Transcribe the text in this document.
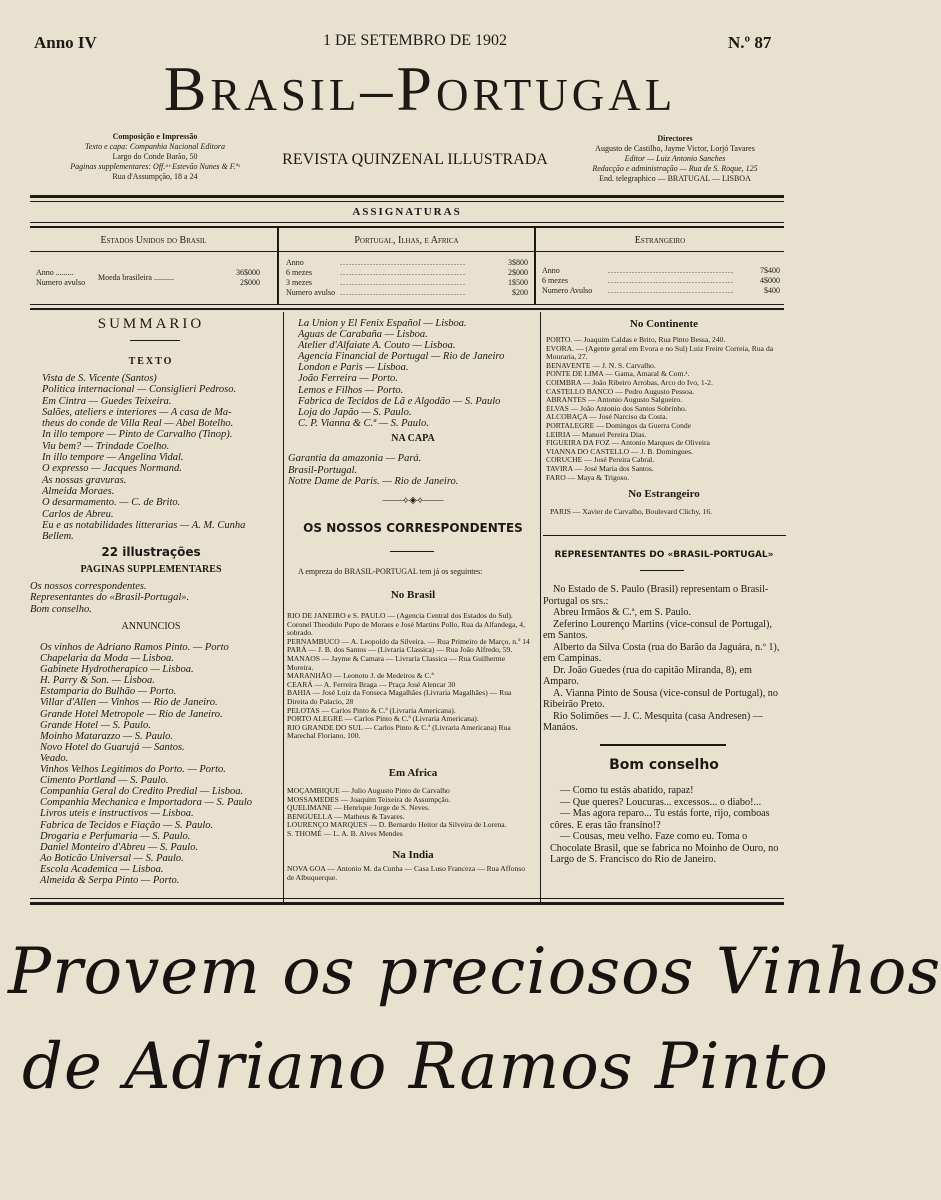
Anno IV	1 DE SETEMBRO DE 1902	N.º 87
Brasil–Portugal
Composição e Impressão
Texto e capa: Companhia Nacional Editora
Largo do Conde Barão, 50
Paginas supplementares: Off.ᵃˢ Estevão Nunes & F.ºˢ
Rua d'Assumpção, 18 a 24
REVISTA QUINZENAL ILLUSTRADA
Directores
Augusto de Castilho, Jayme Victor, Lorjó Tavares
Editor — Luiz Antonio Sanches
Redacção e administração — Rua de S. Roque, 125
End. telegraphico — BRATUGAL — LISBOA
ASSIGNATURAS
Estados Unidos do Brasil
Anno .........
Numero avulso
Moeda brasileira ..........
36$000
2$000
Portugal, Ilhas, e Africa
Anno
6 mezes
3 mezes
Numero avulso
..........................................
..........................................
..........................................
..........................................
3$800
2$000
1$500
$200
Estrangeiro
Anno
6 mezes
Numero Avulso
..........................................
..........................................
..........................................
7$400
4$000
$400
SUMMARIO
TEXTO
Vista de S. Vicente (Santos)
Politica internacional — Consiglieri Pedroso.
Em Cintra — Guedes Teixeira.
Salões, ateliers e interiores — A casa de Ma-
theus do conde de Villa Real — Abel Botelho.
In illo tempore — Pinto de Carvalho (Tinop).
Viu bem? — Trindade Coelho.
In illo tempore — Angelina Vidal.
O expresso — Jacques Normand.
As nossas gravuras.
Almeida Moraes.
O desarmamento. — C. de Brito.
Carlos de Abreu.
Eu e as notabilidades litterarias — A. M. Cunha
Bellem.
22 illustrações
PAGINAS SUPPLEMENTARES
Os nossos correspondentes.
Representantes do «Brasil-Portugal».
Bom conselho.
ANNUNCIOS
Os vinhos de Adriano Ramos Pinto. — Porto
Chapelaria da Moda — Lisboa.
Gabinete Hydrotherapico — Lisboa.
H. Parry & Son. — Lisboa.
Estamparia do Bulhão — Porto.
Villar d'Allen — Vinhos — Rio de Janeiro.
Grande Hotel Metropole — Rio de Janeiro.
Grande Hotel — S. Paulo.
Moinho Matarazzo — S. Paulo.
Novo Hotel do Guarujá — Santos.
Veado.
Vinhos Velhos Legitimos do Porto. — Porto.
Cimento Portland — S. Paulo.
Companhia Geral do Credito Predial — Lisboa.
Companhia Mechanica e Importadora — S. Paulo
Livros uteis e instructivos — Lisboa.
Fabrica de Tecidos e Fiação — S. Paulo.
Drogaria e Perfumaria — S. Paulo.
Daniel Monteiro d'Abreu — S. Paulo.
Ao Boticão Universal — S. Paulo.
Escola Academica — Lisboa.
Almeida & Serpa Pinto — Porto.
La Union y El Fenix Español — Lisboa.
Aguas de Carabaña — Lisboa.
Atelier d'Alfaiate A. Couto — Lisboa.
Agencia Financial de Portugal — Rio de Janeiro
London e Paris — Lisboa.
João Ferreira — Porto.
Lemos e Filhos — Porto.
Fabrica de Tecidos de Lã e Algodão — S. Paulo
Loja do Japão — S. Paulo.
C. P. Vianna & C.ª — S. Paulo.
NA CAPA
Garantia da amazonia — Pará.
Brasil-Portugal.
Notre Dame de Paris. — Rio de Janeiro.
——⟡◈⟡——
OS NOSSOS CORRESPONDENTES
A empreza do BRASIL-PORTUGAL tem já os seguintes:
No Brasil
RIO DE JANEIRO e S. PAULO — (Agencia Central dos Estados do Sul). Coronel Theodulo Pupo de Moraes e José Martins Pollo, Rua da Alfandega, 4, sobrado.
PERNAMBUCO — A. Leopoldo da Silveira. — Rua Primeiro de Março, n.º 14
PARÁ — J. B. dos Santos — (Livraria Classica) — Rua João Alfredo, 59.
MANAOS — Jayme & Camara — Livraria Classica — Rua Guilherme Moreira.
MARANHÃO — Leonoto J. de Medeiros & C.ª
CEARÁ — A. Ferreira Braga — Praça José Alencar 30
BAHIA — José Luiz da Fonseca Magalhães (Livraria Magalhães) — Rua Direita do Palacio, 28
PELOTAS — Carlos Pinto & C.ª (Livraria Americana).
PORTO ALEGRE — Carlos Pinto & C.ª (Livraria Americana).
RIO GRANDE DO SUL — Carlos Pinto & C.ª (Livraria Americana) Rua Marechal Floriano, 100.
Em Africa
MOÇAMBIQUE — Julio Augusto Pinto de Carvalho
MOSSAMEDES — Joaquim Teixeira de Assumpção.
QUELIMANE — Henrique Jorge de S. Neves.
BENGUELLA — Matheus & Tavares.
LOURENÇO MARQUES — D. Bernardo Heitor da Silveira de Lorena.
S. THOMÉ — L. A. B. Alves Mendes
Na India
NOVA GOA — Antonio M. da Cunha — Casa Luso Franceza — Rua Affonso de Albuquerque.
No Continente
PORTO. — Joaquim Caldas e Brito, Rua Pinto Bessa, 240.
EVORA. — (Agente geral em Evora e no Sul) Luiz Freire Correia, Rua da Mouraria, 27.
BENAVENTE — J. N. S. Carvalho.
PONTE DE LIMA — Gama, Amaral & Com.ᵃ.
COIMBRA — João Ribeiro Arrobas, Arco do Ivo, 1-2.
CASTELLO BANCO — Pedro Augusto Pessoa.
ABRANTES — Antonio Augusto Salgueiro.
ELVAS — João Antonio dos Santos Sobrinho.
ALCOBAÇA — José Narciso da Costa.
PORTALEGRE — Domingos da Guerra Conde
LEIRIA — Manuel Pereira Dias.
FIGUEIRA DA FOZ — Antonio Marques de Oliveira
VIANNA DO CASTELLO — J. B. Domingues.
CORUCHE — José Pereira Cabral.
TAVIRA — José Maria dos Santos.
FARO — Maya & Trigoso.
No Estrangeiro
PARIS — Xavier de Carvalho, Boulevard Clichy, 16.
REPRESENTANTES DO «BRASIL-PORTUGAL»
No Estado de S. Paulo (Brasil) representam o Brasil-Portugal os srs.:
Abreu Irmãos & C.ª, em S. Paulo.
Zeferino Lourenço Martins (vice-consul de Portugal), em Santos.
Alberto da Silva Costa (rua do Barão da Jaguára, n.º 1), em Campinas.
Dr. João Guedes (rua do capitão Miranda, 8), em Amparo.
A. Vianna Pinto de Sousa (vice-consul de Portugal), no Ribeirão Preto.
Rio Solimões — J. C. Mesquita (casa Andresen) — Manáos.
Bom conselho
— Como tu estás abatido, rapaz!
— Que queres? Loucuras... excessos... o diabo!...
— Mas agora reparo... Tu estás forte, rijo, comboas côres. E eras tão fransino!?
— Cousas, meu velho. Faze como eu. Toma o Chocolate Brasil, que se fabrica no Moinho de Ouro, no Largo de S. Francisco do Rio de Janeiro.
Provem os preciosos Vinhos
de Adriano Ramos Pinto
